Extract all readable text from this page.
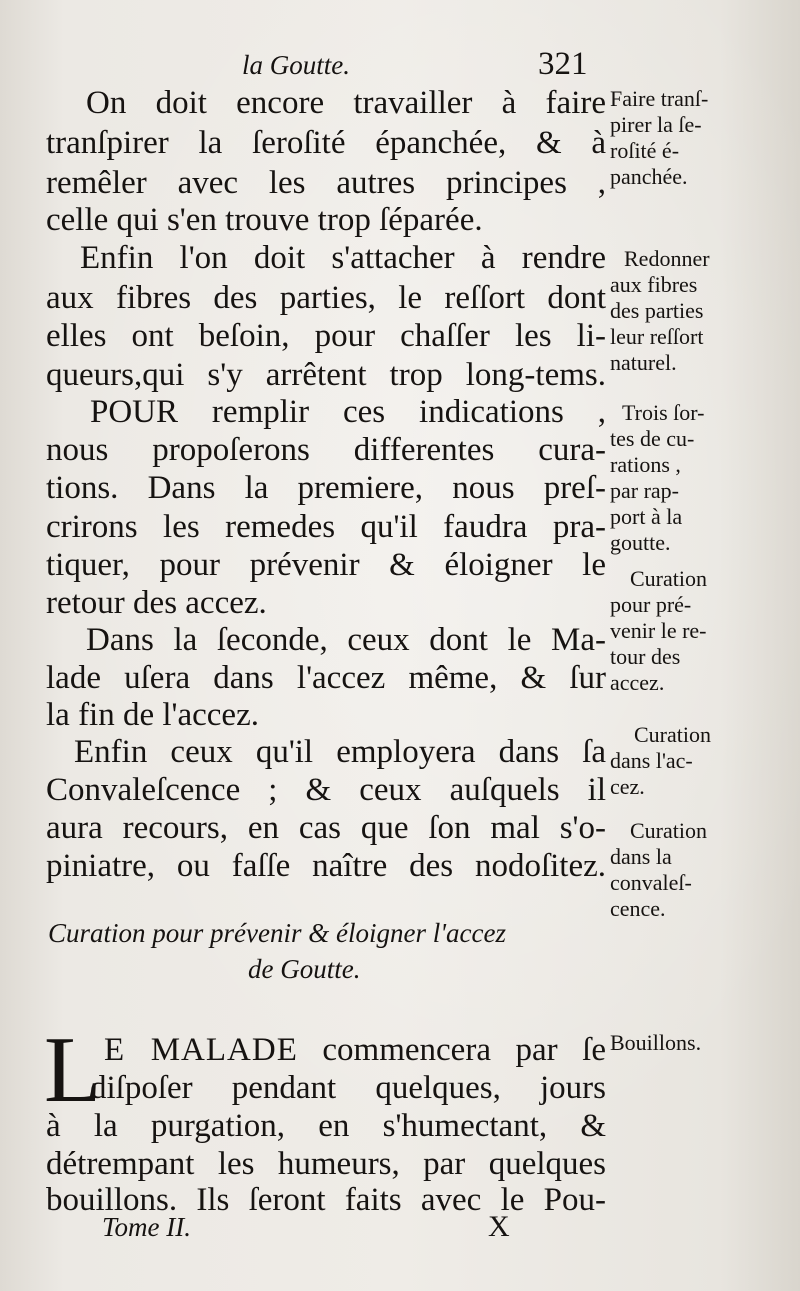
la Goutte.	321
On doit encore travailler à faire
tranſpirer la ſeroſité épanchée, & à
remêler avec les autres principes ,
celle qui s'en trouve trop ſéparée.
Enfin l'on doit s'attacher à rendre
aux fibres des parties, le reſſort dont
elles ont beſoin, pour chaſſer les li-
queurs,qui s'y arrêtent trop long-tems.
POUR remplir ces indications ,
nous propoſerons differentes cura-
tions. Dans la premiere, nous preſ-
crirons les remedes qu'il faudra pra-
tiquer, pour prévenir & éloigner le
retour des accez.
Dans la ſeconde, ceux dont le Ma-
lade uſera dans l'accez même, & ſur
la fin de l'accez.
Enfin ceux qu'il employera dans ſa
Convaleſcence ; & ceux auſquels il
aura recours, en cas que ſon mal s'o-
piniatre, ou faſſe naître des nodoſitez.
Curation pour prévenir & éloigner l'accez
de Goutte.
L E MALADE commencera par ſe
diſpoſer pendant quelques, jours
à la purgation, en s'humectant, &
détrempant les humeurs, par quelques
bouillons. Ils ſeront faits avec le Pou-
Faire tranſ-
pirer la ſe-
roſité é-
panchée.
Redonner
aux fibres
des parties
leur reſſort
naturel.
Trois ſor-
tes de cu-
rations ,
par rap-
port à la
goutte.
Curation
pour pré-
venir le re-
tour des
accez.
Curation
dans l'ac-
cez.
Curation
dans la
convaleſ-
cence.
Bouillons.
Tome II.	X
